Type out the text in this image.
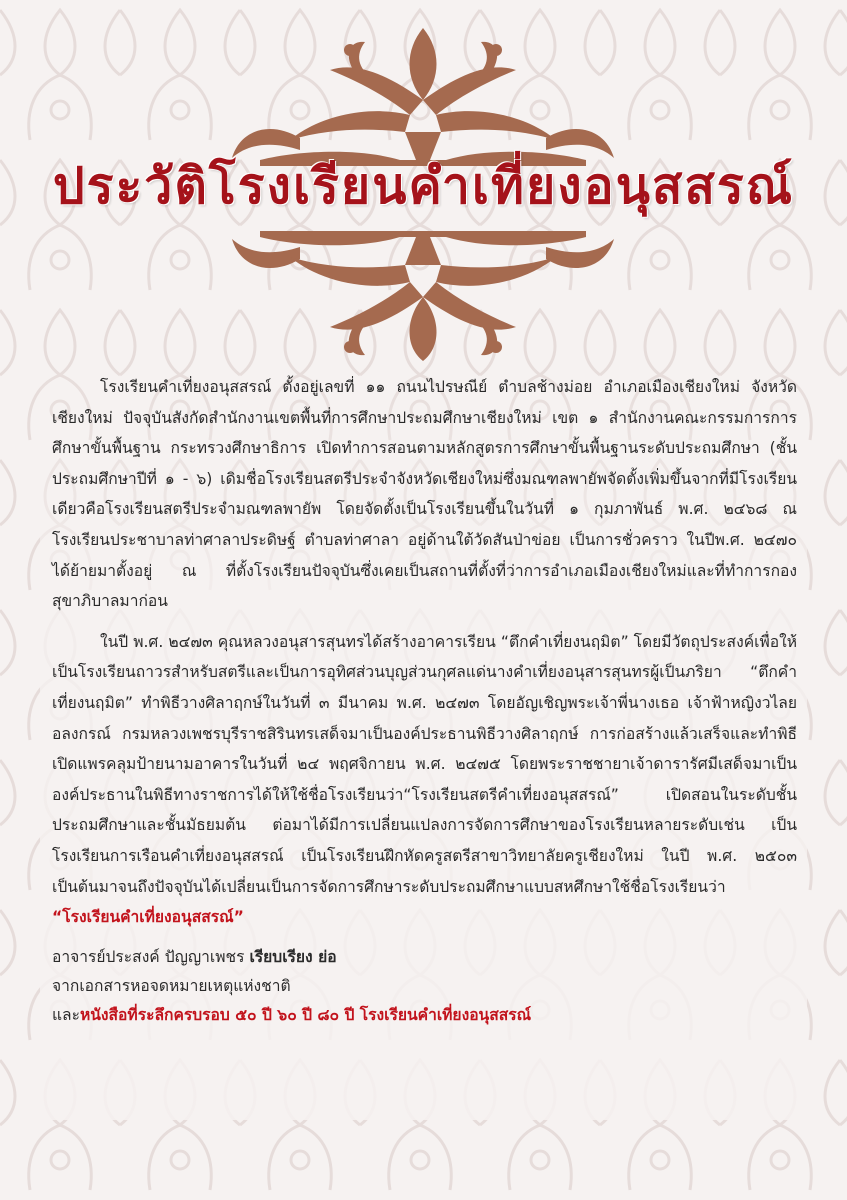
ประวัติโรงเรียนคำเที่ยงอนุสสรณ์

โรงเรียนคำเที่ยงอนุสสรณ์ ตั้งอยู่เลขที่ ๑๑ ถนนไปรษณีย์ ตำบลช้างม่อย อำเภอเมืองเชียงใหม่ จังหวัดเชียงใหม่ ปัจจุบันสังกัดสำนักงานเขตพื้นที่การศึกษาประถมศึกษาเชียงใหม่ เขต ๑ สำนักงานคณะกรรมการการศึกษาขั้นพื้นฐาน กระทรวงศึกษาธิการ เปิดทำการสอนตามหลักสูตรการศึกษาขั้นพื้นฐานระดับประถมศึกษา (ชั้นประถมศึกษาปีที่ ๑ - ๖) เดิมชื่อโรงเรียนสตรีประจำจังหวัดเชียงใหม่ซึ่งมณฑลพายัพจัดตั้งเพิ่มขึ้นจากที่มีโรงเรียนเดียวคือโรงเรียนสตรีประจำมณฑลพายัพ โดยจัดตั้งเป็นโรงเรียนขึ้นในวันที่ ๑ กุมภาพันธ์ พ.ศ. ๒๔๖๘ ณ โรงเรียนประชาบาลท่าศาลาประดิษฐ์ ตำบลท่าศาลา อยู่ด้านใต้วัดสันป่าข่อย เป็นการชั่วคราว ในปีพ.ศ. ๒๔๗๐ ได้ย้ายมาตั้งอยู่ ณ ที่ตั้งโรงเรียนปัจจุบันซึ่งเคยเป็นสถานที่ตั้งที่ว่าการอำเภอเมืองเชียงใหม่และที่ทำการกองสุขาภิบาลมาก่อน

ในปี พ.ศ. ๒๔๗๓ คุณหลวงอนุสารสุนทรได้สร้างอาคารเรียน “ตึกคำเที่ยงนฤมิต” โดยมีวัตถุประสงค์เพื่อให้เป็นโรงเรียนถาวรสำหรับสตรีและเป็นการอุทิศส่วนบุญส่วนกุศลแด่นางคำเที่ยงอนุสารสุนทรผู้เป็นภริยา “ตึกคำเที่ยงนฤมิต” ทำพิธีวางศิลาฤกษ์ในวันที่ ๓ มีนาคม พ.ศ. ๒๔๗๓ โดยอัญเชิญพระเจ้าพี่นางเธอ เจ้าฟ้าหญิงวไลยอลงกรณ์ กรมหลวงเพชรบุรีราชสิรินทรเสด็จมาเป็นองค์ประธานพิธีวางศิลาฤกษ์ การก่อสร้างแล้วเสร็จและทำพิธีเปิดแพรคลุมป้ายนามอาคารในวันที่ ๒๔ พฤศจิกายน พ.ศ. ๒๔๗๕ โดยพระราชชายาเจ้าดารารัศมีเสด็จมาเป็นองค์ประธานในพิธีทางราชการได้ให้ใช้ชื่อโรงเรียนว่า“โรงเรียนสตรีคำเที่ยงอนุสสรณ์” เปิดสอนในระดับชั้นประถมศึกษาและชั้นมัธยมต้น ต่อมาได้มีการเปลี่ยนแปลงการจัดการศึกษาของโรงเรียนหลายระดับเช่น เป็นโรงเรียนการเรือนคำเที่ยงอนุสสรณ์ เป็นโรงเรียนฝึกหัดครูสตรีสาขาวิทยาลัยครูเชียงใหม่ ในปี พ.ศ. ๒๕๐๓ เป็นต้นมาจนถึงปัจจุบันได้เปลี่ยนเป็นการจัดการศึกษาระดับประถมศึกษาแบบสหศึกษาใช้ชื่อโรงเรียนว่า “โรงเรียนคำเที่ยงอนุสสรณ์”

อาจารย์ประสงค์ ปัญญาเพชร เรียบเรียง ย่อ

จากเอกสารหอจดหมายเหตุแห่งชาติ

และหนังสือที่ระลึกครบรอบ ๕๐ ปี ๖๐ ปี ๘๐ ปี โรงเรียนคำเที่ยงอนุสสรณ์
